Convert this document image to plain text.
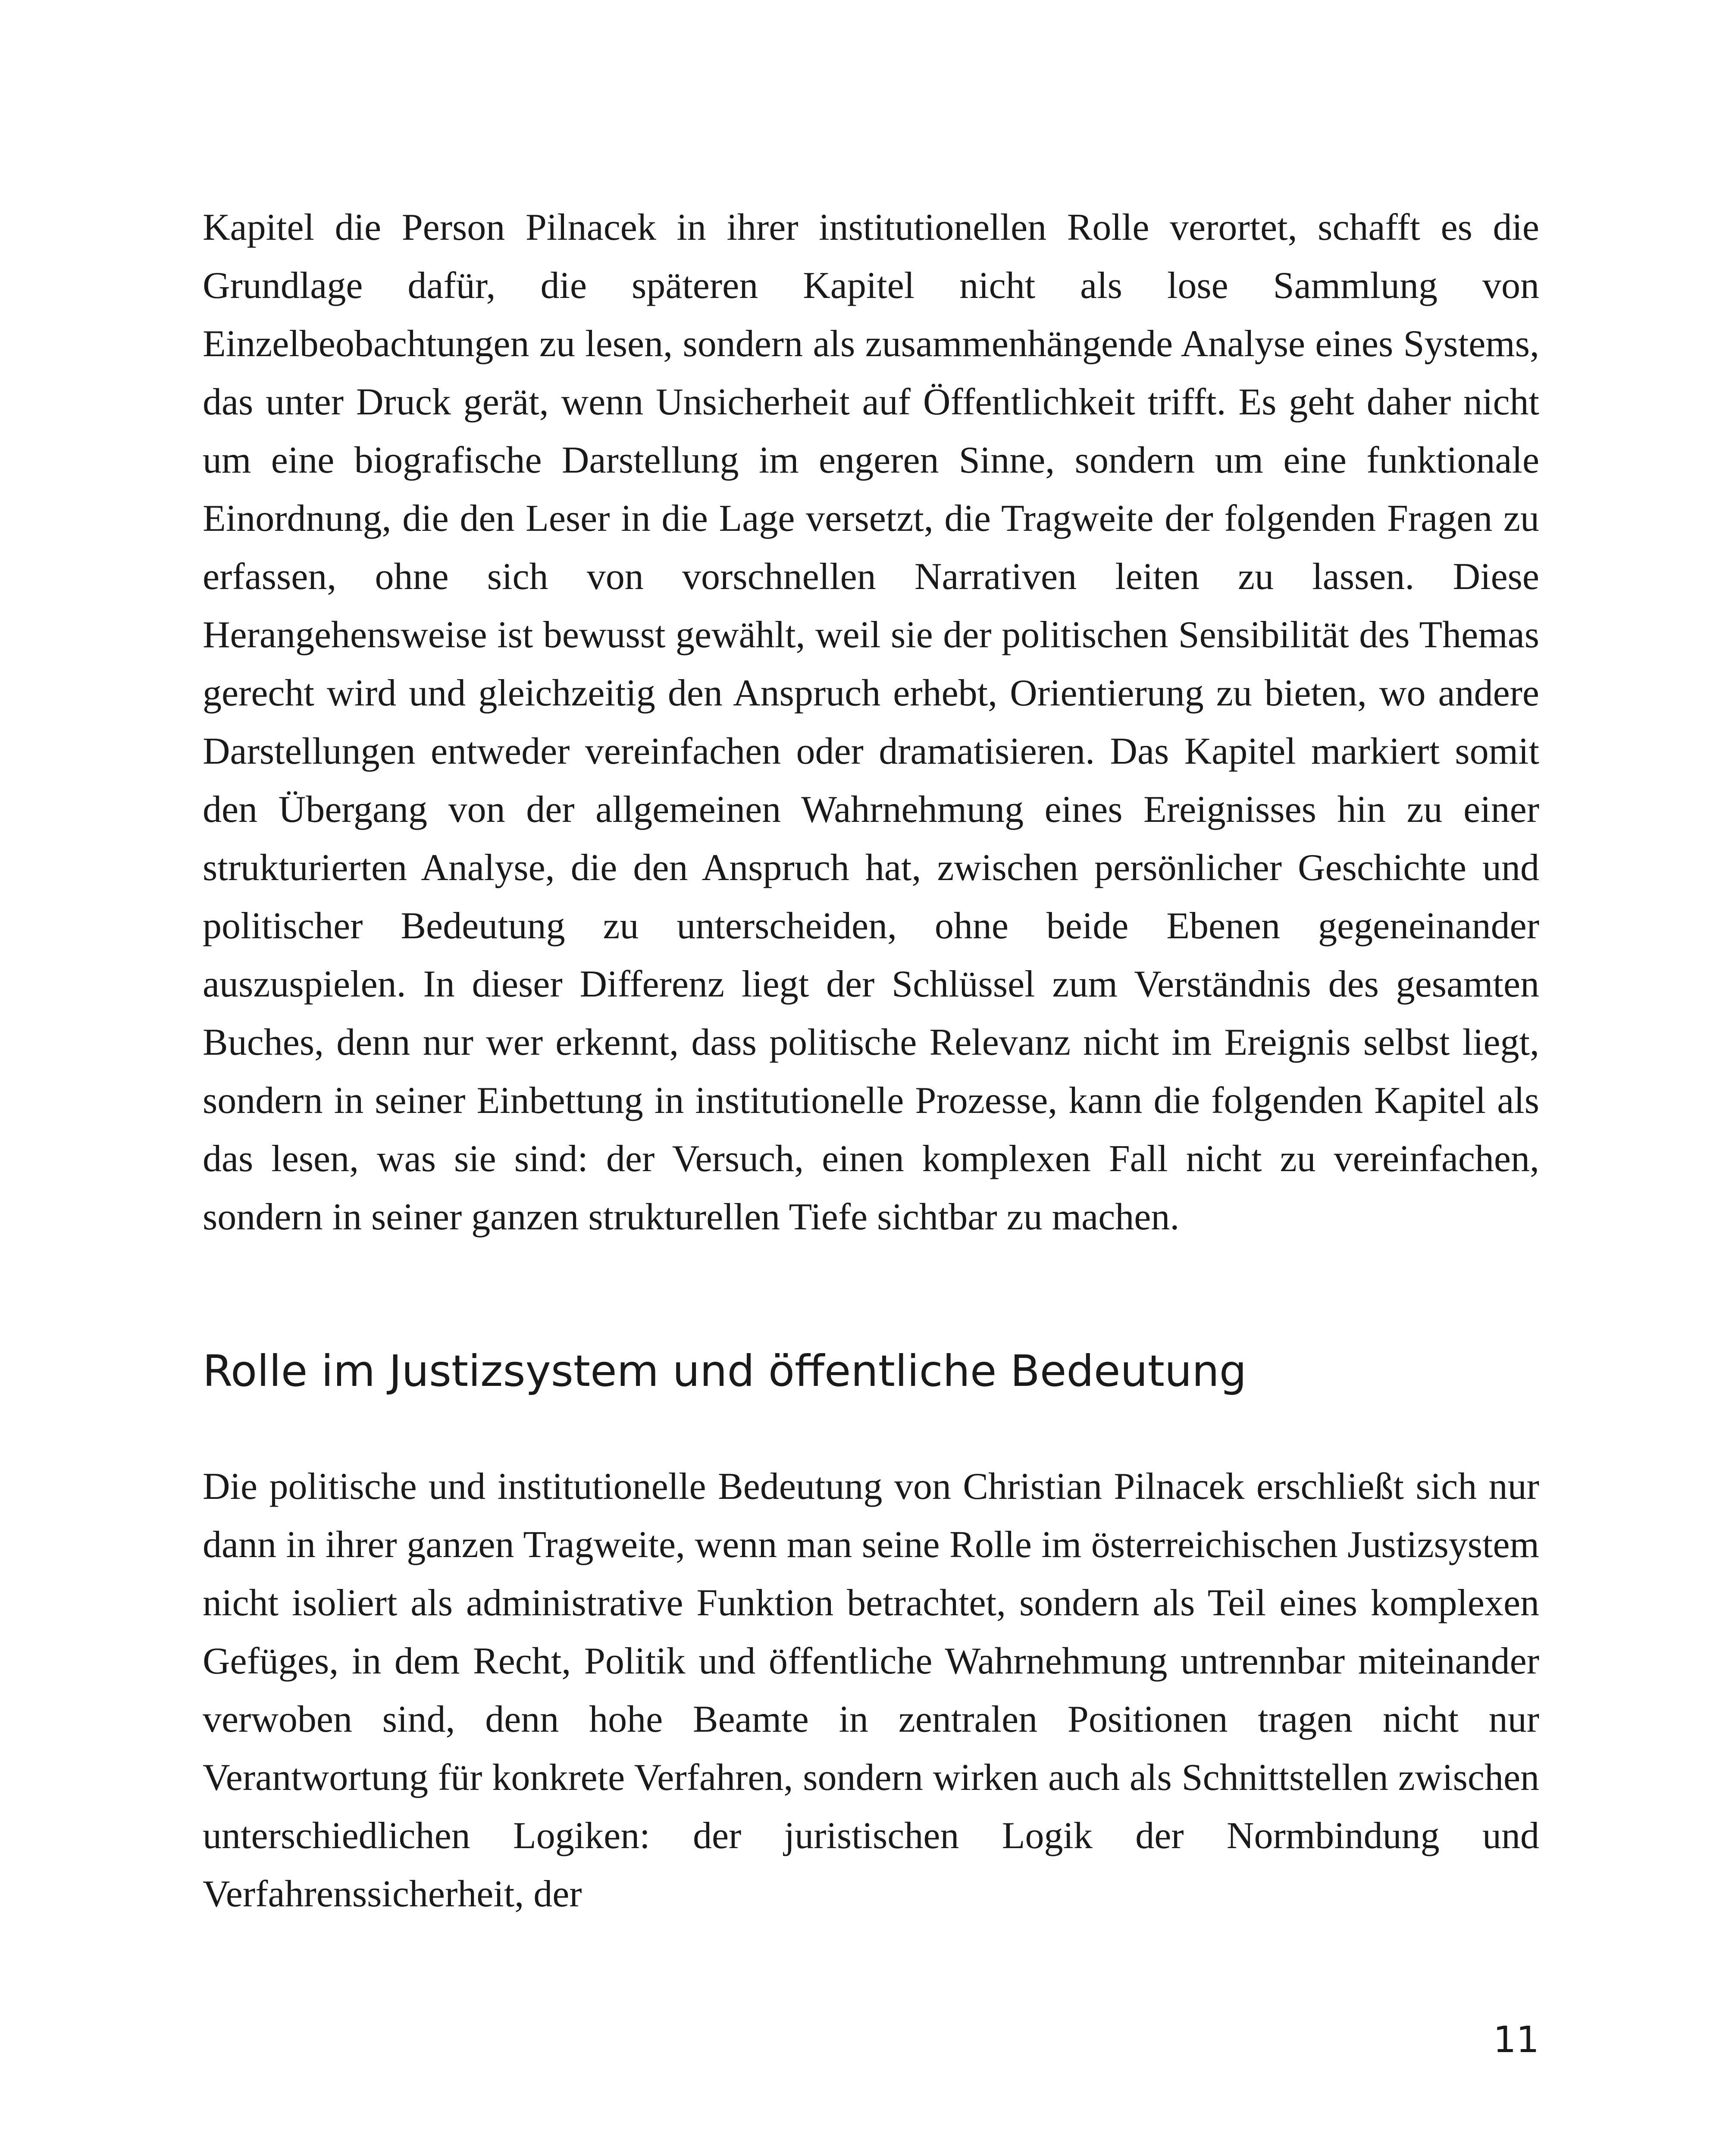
Kapitel die Person Pilnacek in ihrer institutionellen Rolle verortet, schafft es die Grundlage dafür, die späteren Kapitel nicht als lose Sammlung von Einzelbeobachtungen zu lesen, sondern als zusammenhängende Analyse eines Systems, das unter Druck gerät, wenn Unsicherheit auf Öffentlichkeit trifft. Es geht daher nicht um eine biografische Darstellung im engeren Sinne, sondern um eine funktionale Einordnung, die den Leser in die Lage versetzt, die Tragweite der folgenden Fragen zu erfassen, ohne sich von vorschnellen Narrativen leiten zu lassen. Diese Herangehensweise ist bewusst gewählt, weil sie der politischen Sensibilität des Themas gerecht wird und gleichzeitig den Anspruch erhebt, Orientierung zu bieten, wo andere Darstellungen entweder vereinfachen oder dramatisieren. Das Kapitel markiert somit den Übergang von der allgemeinen Wahrnehmung eines Ereignisses hin zu einer strukturierten Analyse, die den Anspruch hat, zwischen persönlicher Geschichte und politischer Bedeutung zu unterscheiden, ohne beide Ebenen gegeneinander auszuspielen. In dieser Differenz liegt der Schlüssel zum Verständnis des gesamten Buches, denn nur wer erkennt, dass politische Relevanz nicht im Ereignis selbst liegt, sondern in seiner Einbettung in institutionelle Prozesse, kann die folgenden Kapitel als das lesen, was sie sind: der Versuch, einen komplexen Fall nicht zu vereinfachen, sondern in seiner ganzen strukturellen Tiefe sichtbar zu machen.

Rolle im Justizsystem und öffentliche Bedeutung

Die politische und institutionelle Bedeutung von Christian Pilnacek erschließt sich nur dann in ihrer ganzen Tragweite, wenn man seine Rolle im österreichischen Justizsystem nicht isoliert als administrative Funktion betrachtet, sondern als Teil eines komplexen Gefüges, in dem Recht, Politik und öffentliche Wahrnehmung untrennbar miteinander verwoben sind, denn hohe Beamte in zentralen Positionen tragen nicht nur Verantwortung für konkrete Verfahren, sondern wirken auch als Schnittstellen zwischen unterschiedlichen Logiken: der juristischen Logik der Normbindung und Verfahrenssicherheit, der

11
